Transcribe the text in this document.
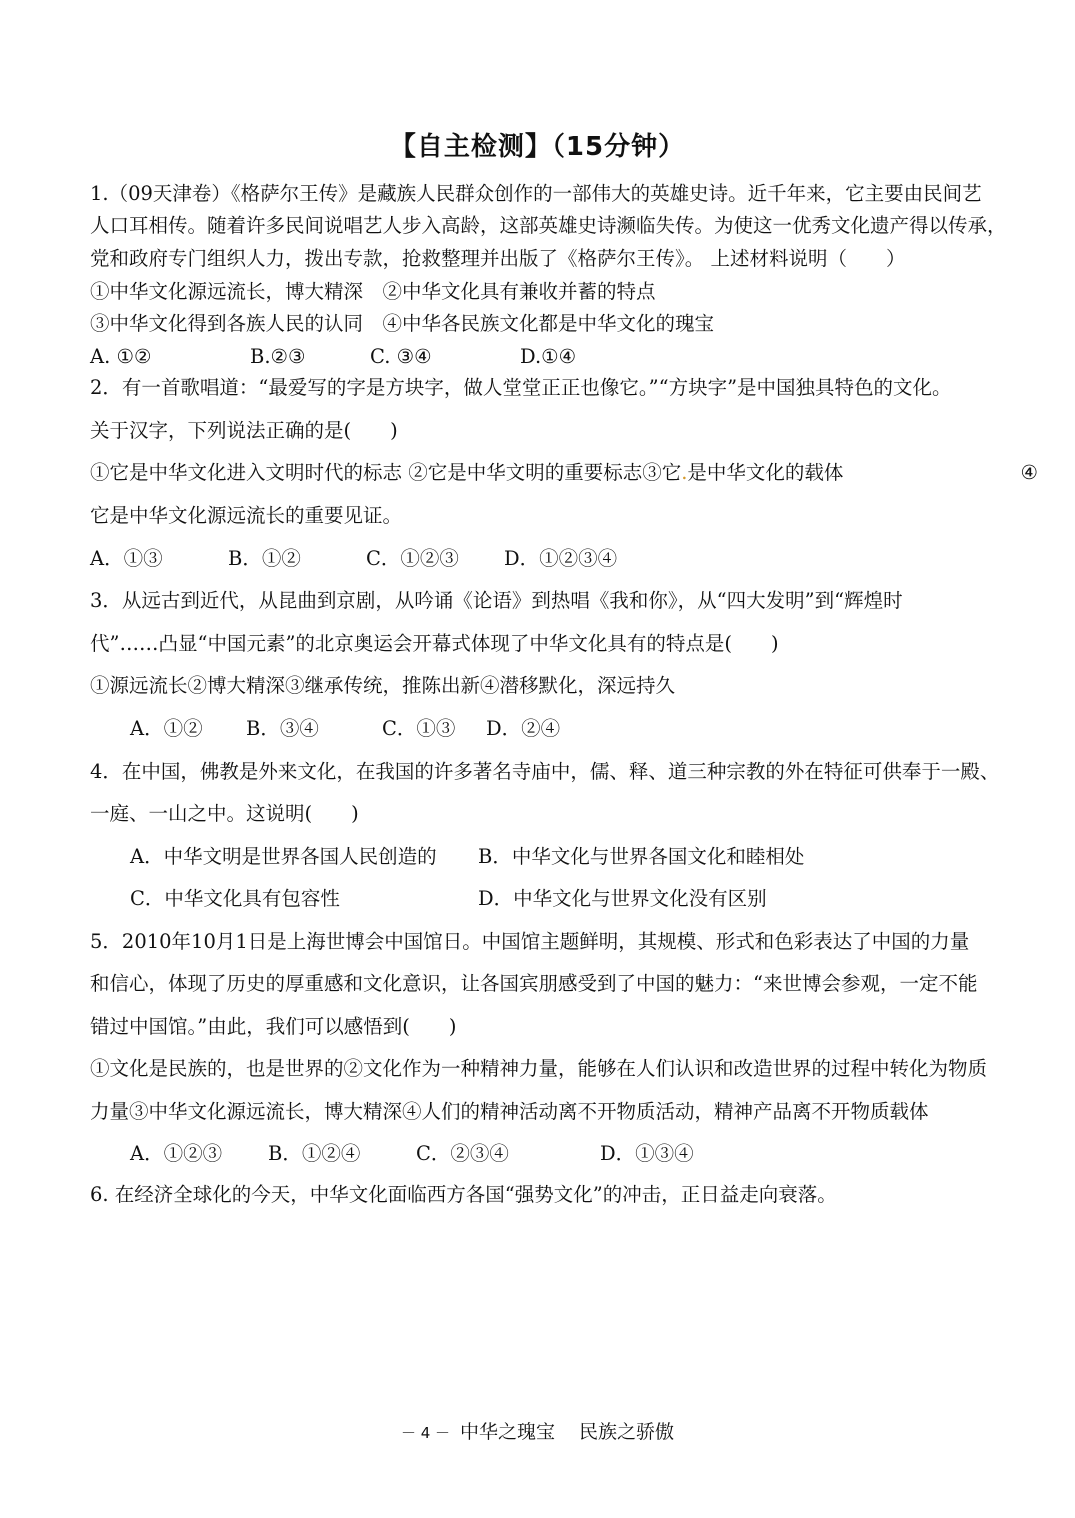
【自主检测】（15分钟）
1.（09天津卷）《格萨尔王传》是藏族人民群众创作的一部伟大的英雄史诗。近千年来，它主要由民间艺
人口耳相传。随着许多民间说唱艺人步入高龄，这部英雄史诗濒临失传。为使这一优秀文化遗产得以传承，
党和政府专门组织人力，拨出专款，抢救整理并出版了《格萨尔王传》。 上述材料说明（　　）
①中华文化源远流长，博大精深　②中华文化具有兼收并蓄的特点
③中华文化得到各族人民的认同　④中华各民族文化都是中华文化的瑰宝
A. ①②	B.②③	C. ③④	D.①④
2．有一首歌唱道：“最爱写的字是方块字，做人堂堂正正也像它。”“方块字”是中国独具特色的文化。
关于汉字，下列说法正确的是(　　)
①它是中华文化进入文明时代的标志 ②它是中华文明的重要标志③它.是中华文化的载体	④
它是中华文化源远流长的重要见证。
A．①③	B．①②	C．①②③ D．①②③④
3．从远古到近代，从昆曲到京剧，从吟诵《论语》到热唱《我和你》，从“四大发明”到“辉煌时
代”……凸显“中国元素”的北京奥运会开幕式体现了中华文化具有的特点是(　　)
①源远流长②博大精深③继承传统，推陈出新④潜移默化，深远持久
A．①② B．③④	C．①③ D．②④
4．在中国，佛教是外来文化，在我国的许多著名寺庙中，儒、释、道三种宗教的外在特征可供奉于一殿、
一庭、一山之中。这说明(　　)
A．中华文明是世界各国人民创造的 B．中华文化与世界各国文化和睦相处
C．中华文化具有包容性	D．中华文化与世界文化没有区别
5．2010年10月1日是上海世博会中国馆日。中国馆主题鲜明，其规模、形式和色彩表达了中国的力量
和信心，体现了历史的厚重感和文化意识，让各国宾朋感受到了中国的魅力：“来世博会参观，一定不能
错过中国馆。”由此，我们可以感悟到(　　)
①文化是民族的，也是世界的②文化作为一种精神力量，能够在人们认识和改造世界的过程中转化为物质
力量③中华文化源远流长，博大精深④人们的精神活动离不开物质活动，精神产品离不开物质载体
A．①②③ B．①②④	C．②③④	D．①③④
6. 在经济全球化的今天，中华文化面临西方各国“强势文化”的冲击，正日益走向衰落。
－ 4 － 中华之瑰宝 民族之骄傲
